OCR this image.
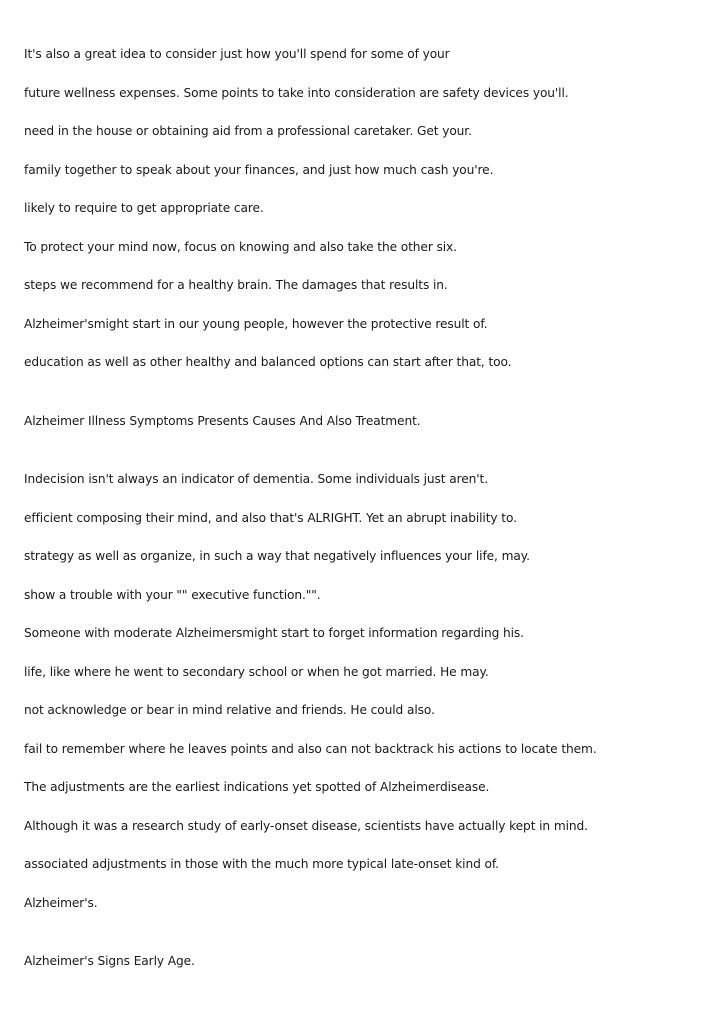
It's also a great idea to consider just how you'll spend for some of your
future wellness expenses. Some points to take into consideration are safety devices you'll.
need in the house or obtaining aid from a professional caretaker. Get your.
family together to speak about your finances, and just how much cash you're.
likely to require to get appropriate care.
To protect your mind now, focus on knowing and also take the other six.
steps we recommend for a healthy brain. The damages that results in.
Alzheimer'smight start in our young people, however the protective result of.
education as well as other healthy and balanced options can start after that, too.
Alzheimer Illness Symptoms Presents Causes And Also Treatment.
Indecision isn't always an indicator of dementia. Some individuals just aren't.
efficient composing their mind, and also that's ALRIGHT. Yet an abrupt inability to.
strategy as well as organize, in such a way that negatively influences your life, may.
show a trouble with your "" executive function."".
Someone with moderate Alzheimersmight start to forget information regarding his.
life, like where he went to secondary school or when he got married. He may.
not acknowledge or bear in mind relative and friends. He could also.
fail to remember where he leaves points and also can not backtrack his actions to locate them.
The adjustments are the earliest indications yet spotted of Alzheimerdisease.
Although it was a research study of early-onset disease, scientists have actually kept in mind.
associated adjustments in those with the much more typical late-onset kind of.
Alzheimer's.
Alzheimer's Signs Early Age.
